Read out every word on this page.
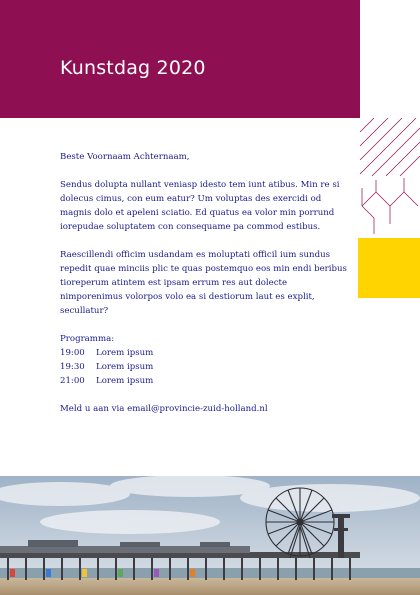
Kunstdag 2020

Beste Voornaam Achternaam,

Sendus dolupta nullant veniasp idesto tem iunt atibus. Min re si dolecus cimus, con eum eatur? Um voluptas des exercidi od magnis dolo et apeleni sciatio. Ed quatus ea volor min porrund iorepudae soluptatem con consequame pa commod estibus.

Raescillendi officim usdandam es moluptati officil ium sundus repedit quae minciis plic te quas postemquo eos min endi beribus tioreperum atintem est ipsam errum res aut dolecte nimporenimus volorpos volo ea si destiorum laut es explit, secullatur?

Programma:
19:00	Lorem ipsum
19:30	Lorem ipsum
21:00	Lorem ipsum

Meld u aan via email@provincie-zuid-holland.nl
